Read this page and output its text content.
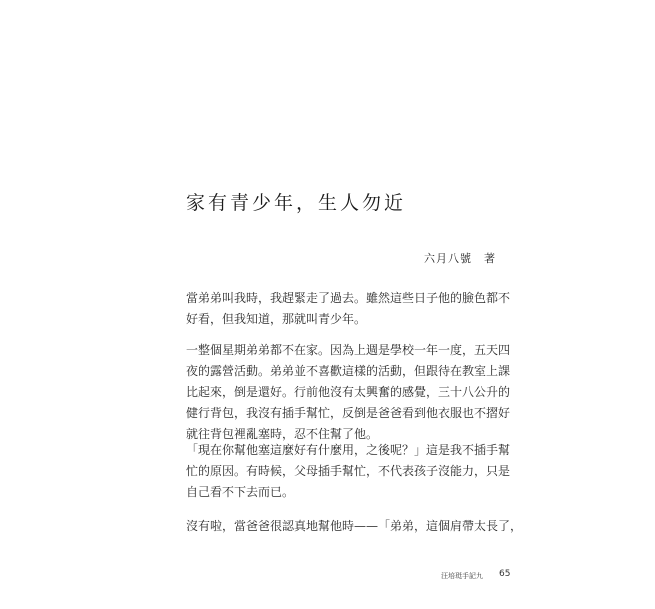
家有青少年，生人勿近
六月八號　著
當弟弟叫我時，我趕緊走了過去。雖然這些日子他的臉色都不
好看，但我知道，那就叫青少年。
一整個星期弟弟都不在家。因為上週是學校一年一度，五天四
夜的露營活動。弟弟並不喜歡這樣的活動，但跟待在教室上課
比起來，倒是還好。行前他沒有太興奮的感覺，三十八公升的
健行背包，我沒有插手幫忙，反倒是爸爸看到他衣服也不摺好
就往背包裡亂塞時，忍不住幫了他。
「現在你幫他塞這麼好有什麼用，之後呢？」這是我不插手幫
忙的原因。有時候，父母插手幫忙，不代表孩子沒能力，只是
自己看不下去而已。
沒有啦，當爸爸很認真地幫他時——「弟弟，這個肩帶太長了，
汪培珽手記九 65
